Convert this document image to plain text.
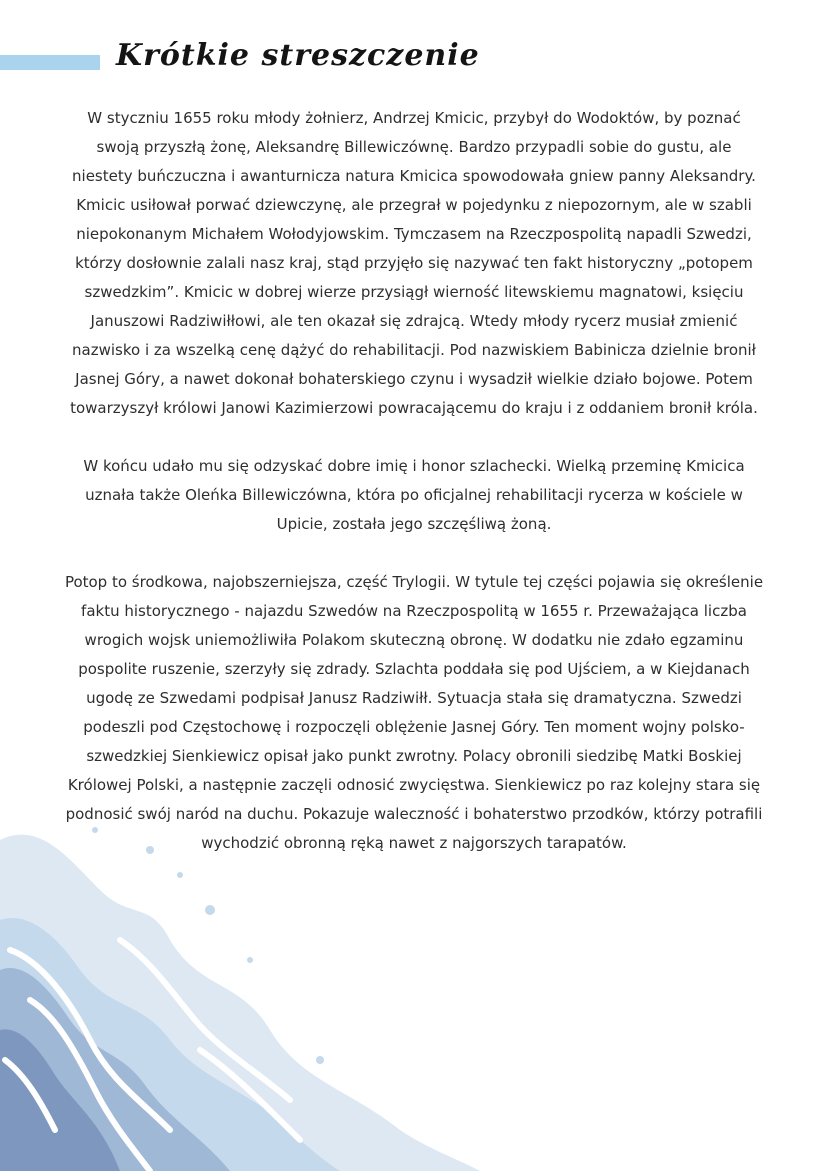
Krótkie streszczenie

W styczniu 1655 roku młody żołnierz, Andrzej Kmicic, przybył do Wodoktów, by poznać swoją przyszłą żonę, Aleksandrę Billewiczównę. Bardzo przypadli sobie do gustu, ale niestety buńczuczna i awanturnicza natura Kmicica spowodowała gniew panny Aleksandry. Kmicic usiłował porwać dziewczynę, ale przegrał w pojedynku z niepozornym, ale w szabli niepokonanym Michałem Wołodyjowskim. Tymczasem na Rzeczpospolitą napadli Szwedzi, którzy dosłownie zalali nasz kraj, stąd przyjęło się nazywać ten fakt historyczny „potopem szwedzkim”. Kmicic w dobrej wierze przysiągł wierność litewskiemu magnatowi, księciu Januszowi Radziwiłłowi, ale ten okazał się zdrajcą. Wtedy młody rycerz musiał zmienić nazwisko i za wszelką cenę dążyć do rehabilitacji. Pod nazwiskiem Babinicza dzielnie bronił Jasnej Góry, a nawet dokonał bohaterskiego czynu i wysadził wielkie działo bojowe. Potem towarzyszył królowi Janowi Kazimierzowi powracającemu do kraju i z oddaniem bronił króla.

W końcu udało mu się odzyskać dobre imię i honor szlachecki. Wielką przeminę Kmicica uznała także Oleńka Billewiczówna, która po oficjalnej rehabilitacji rycerza w kościele w Upicie, została jego szczęśliwą żoną.

Potop to środkowa, najobszerniejsza, część Trylogii. W tytule tej części pojawia się określenie faktu historycznego - najazdu Szwedów na Rzeczpospolitą w 1655 r. Przeważająca liczba wrogich wojsk uniemożliwiła Polakom skuteczną obronę. W dodatku nie zdało egzaminu pospolite ruszenie, szerzyły się zdrady. Szlachta poddała się pod Ujściem, a w Kiejdanach ugodę ze Szwedami podpisał Janusz Radziwiłł. Sytuacja stała się dramatyczna. Szwedzi podeszli pod Częstochowę i rozpoczęli oblężenie Jasnej Góry. Ten moment wojny polsko-szwedzkiej Sienkiewicz opisał jako punkt zwrotny. Polacy obronili siedzibę Matki Boskiej Królowej Polski, a następnie zaczęli odnosić zwycięstwa. Sienkiewicz po raz kolejny stara się podnosić swój naród na duchu. Pokazuje waleczność i bohaterstwo przodków, którzy potrafili wychodzić obronną ręką nawet z najgorszych tarapatów.
